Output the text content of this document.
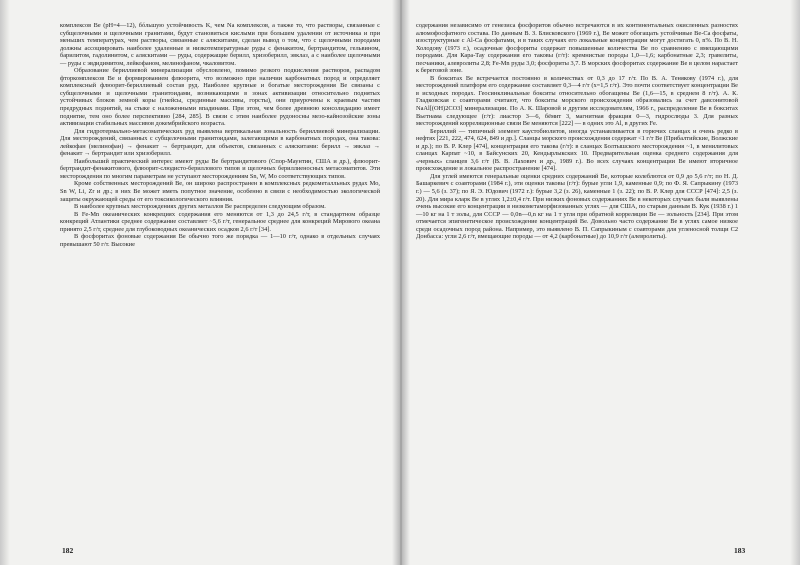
комплексов Be (pH=4—12), бóльшую устойчивость K, чем Na комплексов, а также то, что растворы, связанные с субщелочными и щелочными гранитами, будут становиться кислыми при большем удалении от источника и при меньших температурах, чем растворы, связанные с аляскитами, сделан вывод о том, что с щелочными породами должны ассоциировать наиболее удаленные и низкотемпературные руды с фенакитом, бертрандитом, гельвином, барилитом, гадолинитом, с аляскитами — руды, содержащие берилл, хризоберилл, эвклаз, а с наиболее щелочными — руды с эвдидимитом, лейкофаном, мелинофаном, чкаловитом.

Образование бериллиевой минерализации обусловлено, помимо резкого подкисления растворов, распадом фторкомплексов Be и формированием флюорита, что возможно при наличии карбонатных пород и определяет комплексный флюорит-бериллиевый состав руд. Наиболее крупные и богатые месторождения Be связаны с субщелочными и щелочными гранитоидами, возникающими в зонах активизации относительно поднятых устойчивых блоков земной коры (гнейсы, срединные массивы, горсты), они приурочены к краевым частям предрудных поднятий, на стыке с наложенными впадинами. При этом, чем более древнюю консолидацию имеет поднятие, тем оно более перспективно [284, 285]. В связи с этим наиболее рудоносны мезо-кайнозойские зоны активизации стабильных массивов докембрийского возраста.

Для гидротермально-метасоматических руд выявлена вертикальная зональность бериллиевой минерализации. Для месторождений, связанных с субщелочными гранитоидами, залегающими в карбонатных породах, она такова: лейкофан (мелинофан) → фенакит → бертрандит, для объектов, связанных с аляскитами: берилл → эвклаз → фенакит → бертрандит или хризоберилл.

Наибольший практический интерес имеют руды Be бертрандитового (Спор-Маунтин, США и др.), флюорит-бертрандит-фенакитового, флюорит-слюдисто-бериллового типов и щелочных бериллиеносных метасоматитов. Эти месторождения по многим параметрам не уступают месторождениям Sn, W, Mo соответствующих типов.

Кроме собственных месторождений Be, он широко распространен в комплексных редкометалльных рудах Mo, Sn W, Li, Zr и др.; в них Be может иметь попутное значение, особенно в связи с необходимостью экологической защиты окружающей среды от его токсикологического влияния.

В наиболее крупных месторождениях других металлов Be распределен следующим образом.

В Fe-Mn океанических конкрециях содержания его меняются от 1,3 до 24,5 г/т, в стандартном образце конкреций Атлантики среднее содержание составляет ~5,6 г/т, генеральное среднее для конкреций Мирового океана принято 2,5 г/т, среднее для глубоководных океанических осадков 2,6 г/т [34].

В фосфоритах фоновые содержания Be обычно того же порядка — 1—10 г/т, однако в отдельных случаях превышают 50 г/т. Высокие

182

содержания независимо от генезиса фосфоритов обычно встречаются в их континентальных окисленных разностях алюмофосфатного состава. По данным В. З. Блисковского (1969 г.), Be может обогащать устойчивые Be-Ca фосфаты, изоструктурные с Al-Ca фосфатами, и в таких случаях его локальные концентрации могут достигать 0, n%. По В. Н. Холодову (1973 г.), осадочные фосфориты содержат повышенные количества Be по сравнению с вмещающими породами. Для Кара-Тау содержания его таковы (г/т): кремнистые породы 1,0—1,6; карбонатные 2,3; гравелиты, песчаники, алевролиты 2,8; Fe-Mn руды 3,0; фосфориты 3,7. В морских фосфоритах содержание Be в целом нарастает к береговой зоне.

В бокситах Be встречается постоянно в количествах от 0,3 до 17 г/т. По В. А. Тенякову (1974 г.), для месторождений платформ его содержание составляет 0,3—4 г/т (x=1,5 г/т). Это почти соответствует концентрации Be в исходных породах. Геосинклинальные бокситы относительно обогащены Be (1,6—15, в среднем 8 г/т). А. К. Гладковская с соавторами считают, что бокситы морского происхождения образовались за счет давсонитовой NaAl[(OH)2CO3] минерализации. По А. К. Шаровой и другим исследователям, 1966 г., распределение Be в бокситах Вьетнама следующее (г/т): лиастор 3—6, бёмит 3, магнитная фракция 0—3, гидрослюды 3. Для разных месторождений корреляционные связи Be меняются [222] — в одних это Al, в других Fe.

Бериллий — типичный элемент каустобиолитов, иногда устанавливается в горючих сланцах и очень редко в нефтях [221, 222, 474, 624, 849 и др.]. Сланцы морского происхождения содержат <1 г/т Be (Прибалтийские, Волжские и др.); по В. Р. Клер [474], концентрация его такова (г/т): в сланцах Болтышского месторождения ~1, в менилитовых сланцах Карпат ~10, в Байсунских 20, Кендырлыкских 10. Предварительная оценка среднего содержания для «черных» сланцев 3,6 г/т (В. В. Лахович и др., 1989 г.). Во всех случаях концентрации Be имеют вторичное происхождение и локальное распространение [474].

Для углей имеются генеральные оценки средних содержаний Be, которые колеблются от 0,9 до 5,6 г/т; по Н. Д. Башаркевич с соавторами (1984 г.), эти оценки таковы (г/т): бурые угли 1,9, каменные 0,9; по Ф. Я. Сапрыкину (1973 г.) — 5,6 (з. 37); по Я. Э. Юдович (1972 г.): бурые 3,2 (з. 26), каменные 1 (з. 22); по В. Р. Клер для СССР [474]: 2,5 (з. 20). Для мира кларк Be в углях 1,2±0,4 г/т. При низких фоновых содержаниях Be в некоторых случаях были выявлены очень высокие его концентрации в низкометаморфизованных углях — для США, по старым данным В. Кук (1938 г.) 1—10 кг на 1 т золы, для СССР — 0,0n—0,n кг на 1 т угля при обратной корреляции Be — зольность [234]. При этом отмечается эпигенетическое происхождение концентраций Be. Довольно часто содержание Be в углях самое низкое среди осадочных пород района. Например, это выявлено В. П. Сапрыкиным с соавторами для угленосной толщи C2 Донбасса: угли 2,6 г/т, вмещающие породы — от 4,2 (карбонатные) до 10,9 г/т (алевролиты).

183
